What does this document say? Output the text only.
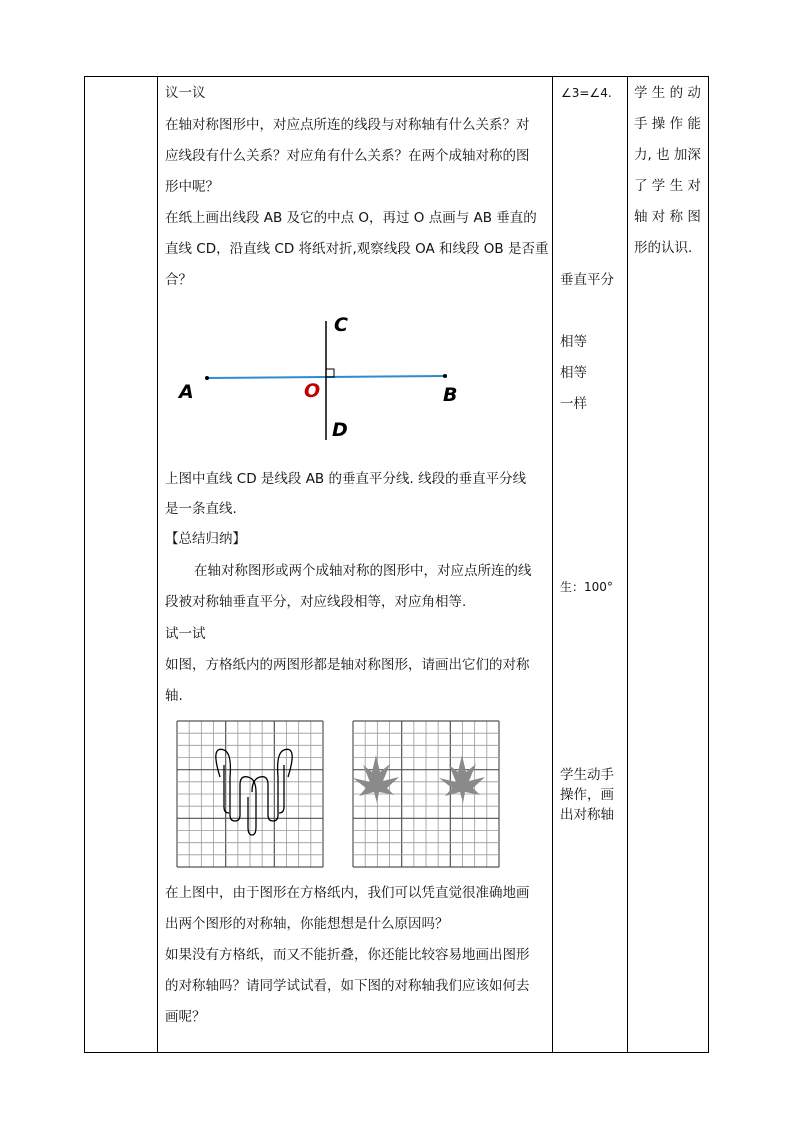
议一议
在轴对称图形中，对应点所连的线段与对称轴有什么关系？对
应线段有什么关系？对应角有什么关系？在两个成轴对称的图
形中呢？
在纸上画出线段 AB 及它的中点 O，再过 O 点画与 AB 垂直的
直线 CD，沿直线 CD 将纸对折,观察线段 OA 和线段 OB 是否重
合？
A	B
C
D
O
上图中直线 CD 是线段 AB 的垂直平分线. 线段的垂直平分线
是一条直线.
【总结归纳】
在轴对称图形或两个成轴对称的图形中，对应点所连的线
段被对称轴垂直平分，对应线段相等，对应角相等.
试一试
如图，方格纸内的两图形都是轴对称图形，请画出它们的对称
轴.
在上图中，由于图形在方格纸内，我们可以凭直觉很准确地画
出两个图形的对称轴，你能想想是什么原因吗？
如果没有方格纸，而又不能折叠，你还能比较容易地画出图形
的对称轴吗？请同学试试看，如下图的对称轴我们应该如何去
画呢？
∠3=∠4.
垂直平分
相等
相等
一样
生：100°
学生动手
操作，画
出对称轴
学 生 的 动
手 操 作 能
力, 也 加深
了 学 生 对
轴 对 称 图
形的认识.
